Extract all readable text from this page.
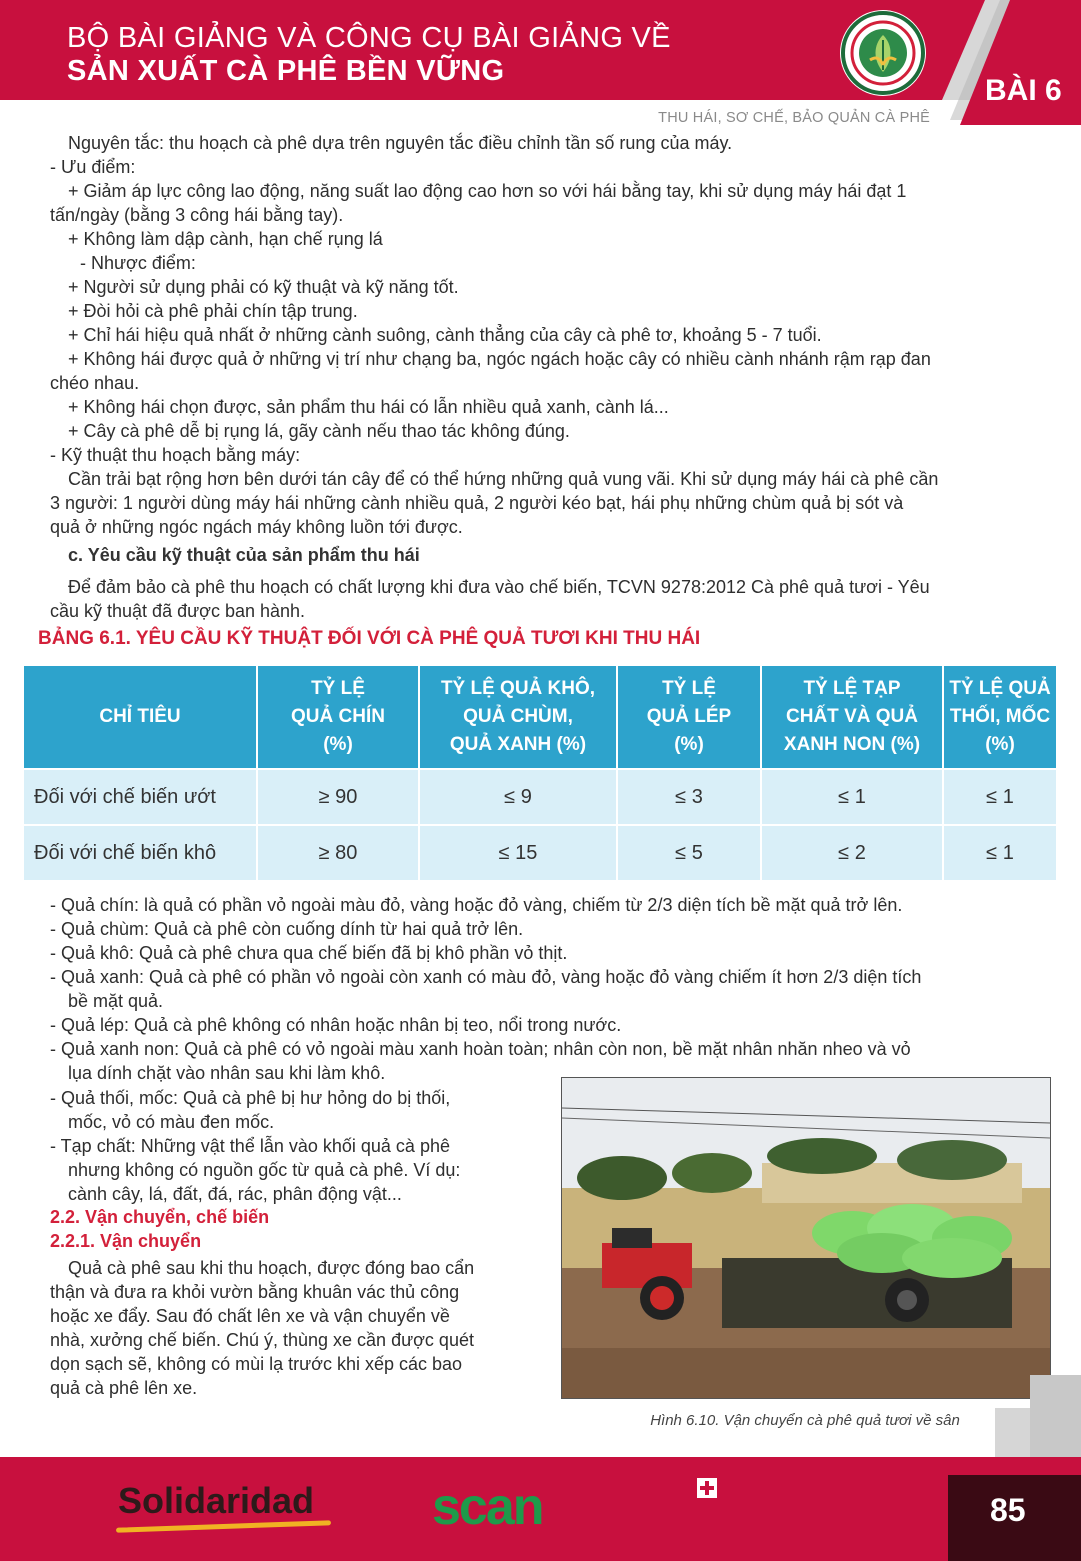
BỘ BÀI GIẢNG VÀ CÔNG CỤ BÀI GIẢNG VỀ
SẢN XUẤT CÀ PHÊ BỀN VỮNG
BÀI 6
THU HÁI, SƠ CHẾ, BẢO QUẢN CÀ PHÊ
Nguyên tắc: thu hoạch cà phê dựa trên nguyên tắc điều chỉnh tần số rung của máy.
- Ưu điểm:
+ Giảm áp lực công lao động, năng suất lao động cao hơn so với hái bằng tay, khi sử dụng máy hái đạt 1
tấn/ngày (bằng 3 công hái bằng tay).
+ Không làm dập cành, hạn chế rụng lá
- Nhược điểm:
+ Người sử dụng phải có kỹ thuật và kỹ năng tốt.
+ Đòi hỏi cà phê phải chín tập trung.
+ Chỉ hái hiệu quả nhất ở những cành suông, cành thẳng của cây cà phê tơ, khoảng 5 - 7 tuổi.
+ Không hái được quả ở những vị trí như chạng ba, ngóc ngách hoặc cây có nhiều cành nhánh rậm rạp đan
chéo nhau.
+ Không hái chọn được, sản phẩm thu hái có lẫn nhiều quả xanh, cành lá...
+ Cây cà phê dễ bị rụng lá, gãy cành nếu thao tác không đúng.
- Kỹ thuật thu hoạch bằng máy:
Cần trải bạt rộng hơn bên dưới tán cây để có thể hứng những quả vung vãi. Khi sử dụng máy hái cà phê cần
3 người: 1 người dùng máy hái những cành nhiều quả, 2 người kéo bạt, hái phụ những chùm quả bị sót và
quả ở những ngóc ngách máy không luồn tới được.
c. Yêu cầu kỹ thuật của sản phẩm thu hái
Để đảm bảo cà phê thu hoạch có chất lượng khi đưa vào chế biến, TCVN 9278:2012 Cà phê quả tươi - Yêu
cầu kỹ thuật đã được ban hành.
BẢNG 6.1. YÊU CẦU KỸ THUẬT ĐỐI VỚI CÀ PHÊ QUẢ TƯƠI KHI THU HÁI
CHỈ TIÊU	TỶ LỆ
QUẢ CHÍN
(%)	TỶ LỆ QUẢ KHÔ,
QUẢ CHÙM,
QUẢ XANH (%)	TỶ LỆ
QUẢ LÉP
(%)	TỶ LỆ TẠP
CHẤT VÀ QUẢ
XANH NON (%)	TỶ LỆ QUẢ
THỐI, MỐC
(%)
Đối với chế biến ướt	≥ 90	≤ 9	≤ 3	≤ 1	≤ 1
Đối với chế biến khô	≥ 80	≤ 15	≤ 5	≤ 2	≤ 1
- Quả chín: là quả có phần vỏ ngoài màu đỏ, vàng hoặc đỏ vàng, chiếm từ 2/3 diện tích bề mặt quả trở lên.
- Quả chùm: Quả cà phê còn cuống dính từ hai quả trở lên.
- Quả khô: Quả cà phê chưa qua chế biến đã bị khô phần vỏ thịt.
- Quả xanh: Quả cà phê có phần vỏ ngoài còn xanh có màu đỏ, vàng hoặc đỏ vàng chiếm ít hơn 2/3 diện tích
bề mặt quả.
- Quả lép: Quả cà phê không có nhân hoặc nhân bị teo, nổi trong nước.
- Quả xanh non: Quả cà phê có vỏ ngoài màu xanh hoàn toàn; nhân còn non, bề mặt nhân nhăn nheo và vỏ
lụa dính chặt vào nhân sau khi làm khô.
- Quả thối, mốc: Quả cà phê bị hư hỏng do bị thối,
mốc, vỏ có màu đen mốc.
- Tạp chất: Những vật thể lẫn vào khối quả cà phê
nhưng không có nguồn gốc từ quả cà phê. Ví dụ:
cành cây, lá, đất, đá, rác, phân động vật...
2.2. Vận chuyển, chế biến
2.2.1. Vận chuyển
Quả cà phê sau khi thu hoạch, được đóng bao cẩn
thận và đưa ra khỏi vườn bằng khuân vác thủ công
hoặc xe đẩy. Sau đó chất lên xe và vận chuyển về
nhà, xưởng chế biến. Chú ý, thùng xe cần được quét
dọn sạch sẽ, không có mùi lạ trước khi xếp các bao
quả cà phê lên xe.
Hình 6.10. Vận chuyển cà phê quả tươi về sân
Solidaridad scan	85
